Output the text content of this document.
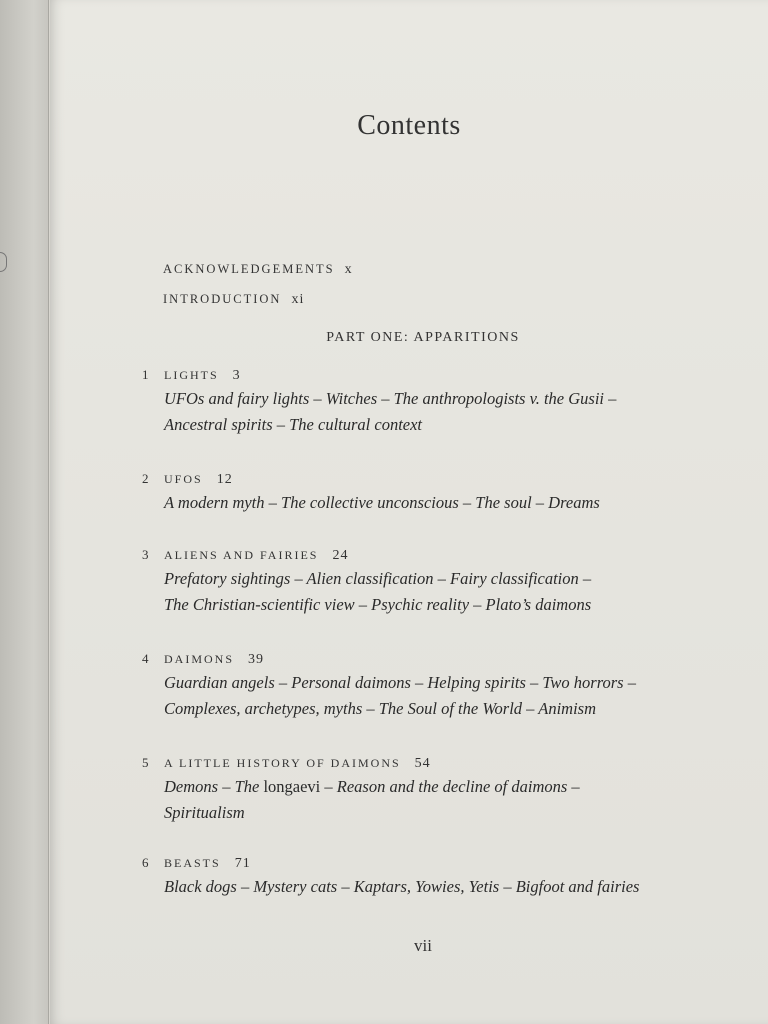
Contents
ACKNOWLEDGEMENTS x
INTRODUCTION xi
PART ONE: APPARITIONS
1 LIGHTS 3
UFOs and fairy lights – Witches – The anthropologists v. the Gusii –
Ancestral spirits – The cultural context
2 UFOS 12
A modern myth – The collective unconscious – The soul – Dreams
3 ALIENS AND FAIRIES 24
Prefatory sightings – Alien classification – Fairy classification –
The Christian-scientific view – Psychic reality – Plato’s daimons
4 DAIMONS 39
Guardian angels – Personal daimons – Helping spirits – Two horrors –
Complexes, archetypes, myths – The Soul of the World – Animism
5 A LITTLE HISTORY OF DAIMONS 54
Demons – The longaevi – Reason and the decline of daimons –
Spiritualism
6 BEASTS 71
Black dogs – Mystery cats – Kaptars, Yowies, Yetis – Bigfoot and fairies
vii
